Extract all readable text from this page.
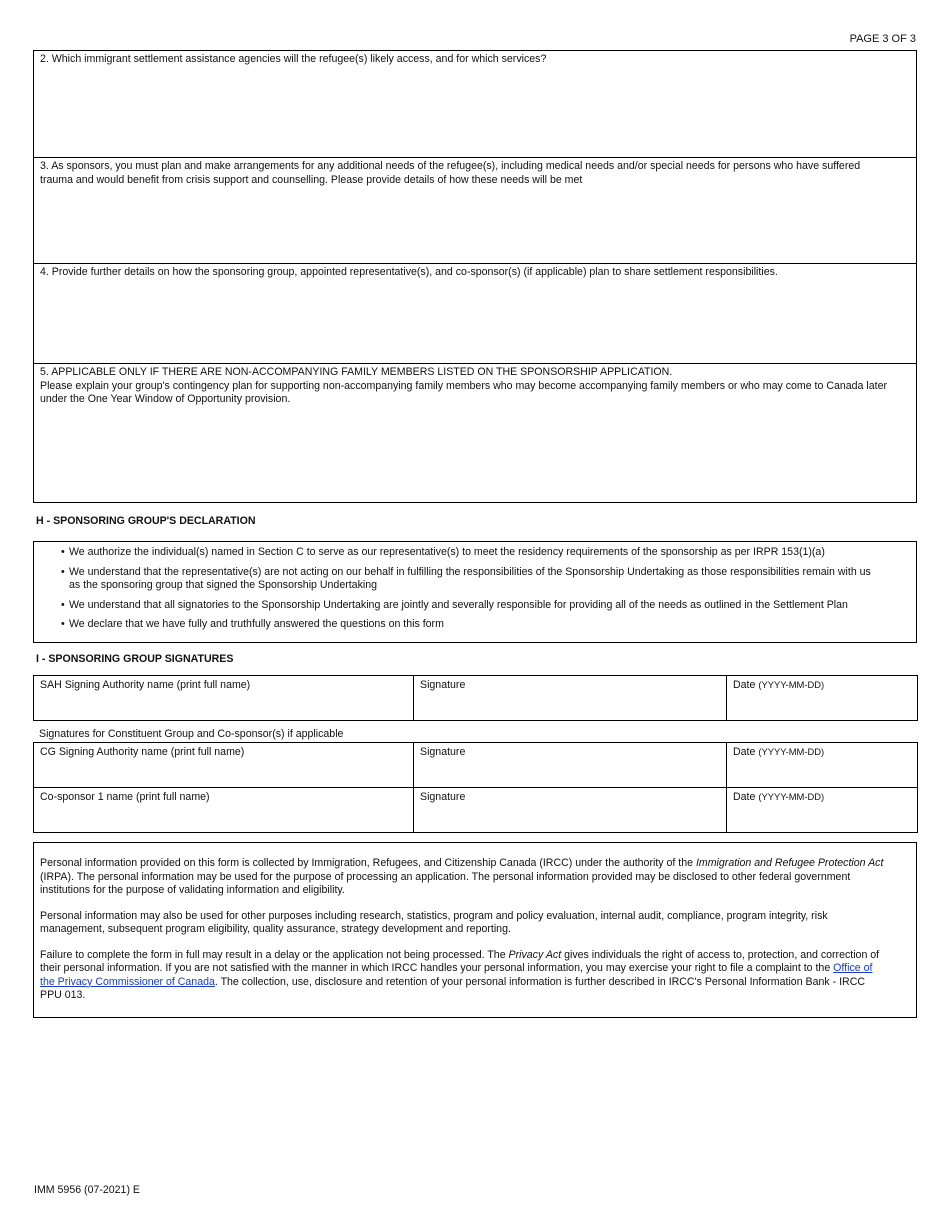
PAGE 3 OF 3
2. Which immigrant settlement assistance agencies will the refugee(s) likely access, and for which services?
3. As sponsors, you must plan and make arrangements for any additional needs of the refugee(s), including medical needs and/or special needs for persons who have suffered
trauma and would benefit from crisis support and counselling. Please provide details of how these needs will be met
4. Provide further details on how the sponsoring group, appointed representative(s), and co-sponsor(s) (if applicable) plan to share settlement responsibilities.
5. APPLICABLE ONLY IF THERE ARE NON-ACCOMPANYING FAMILY MEMBERS LISTED ON THE SPONSORSHIP APPLICATION.
Please explain your group's contingency plan for supporting non-accompanying family members who may become accompanying family members or who may come to Canada later
under the One Year Window of Opportunity provision.
H - SPONSORING GROUP'S DECLARATION
• We authorize the individual(s) named in Section C to serve as our representative(s) to meet the residency requirements of the sponsorship as per IRPR 153(1)(a)
• We understand that the representative(s) are not acting on our behalf in fulfilling the responsibilities of the Sponsorship Undertaking as those responsibilities remain with us
as the sponsoring group that signed the Sponsorship Undertaking
• We understand that all signatories to the Sponsorship Undertaking are jointly and severally responsible for providing all of the needs as outlined in the Settlement Plan
• We declare that we have fully and truthfully answered the questions on this form
I - SPONSORING GROUP SIGNATURES
SAH Signing Authority name (print full name)	Signature	Date (YYYY-MM-DD)
Signatures for Constituent Group and Co-sponsor(s) if applicable
CG Signing Authority name (print full name)	Signature	Date (YYYY-MM-DD)
Co-sponsor 1 name (print full name)	Signature	Date (YYYY-MM-DD)

Personal information provided on this form is collected by Immigration, Refugees, and Citizenship Canada (IRCC) under the authority of the Immigration and Refugee Protection Act
(IRPA). The personal information may be used for the purpose of processing an application. The personal information provided may be disclosed to other federal government
institutions for the purpose of validating information and eligibility.

Personal information may also be used for other purposes including research, statistics, program and policy evaluation, internal audit, compliance, program integrity, risk
management, subsequent program eligibility, quality assurance, strategy development and reporting.

Failure to complete the form in full may result in a delay or the application not being processed. The Privacy Act gives individuals the right of access to, protection, and correction of
their personal information. If you are not satisfied with the manner in which IRCC handles your personal information, you may exercise your right to file a complaint to the Office of
the Privacy Commissioner of Canada. The collection, use, disclosure and retention of your personal information is further described in IRCC's Personal Information Bank - IRCC
PPU 013.

IMM 5956 (07-2021) E
